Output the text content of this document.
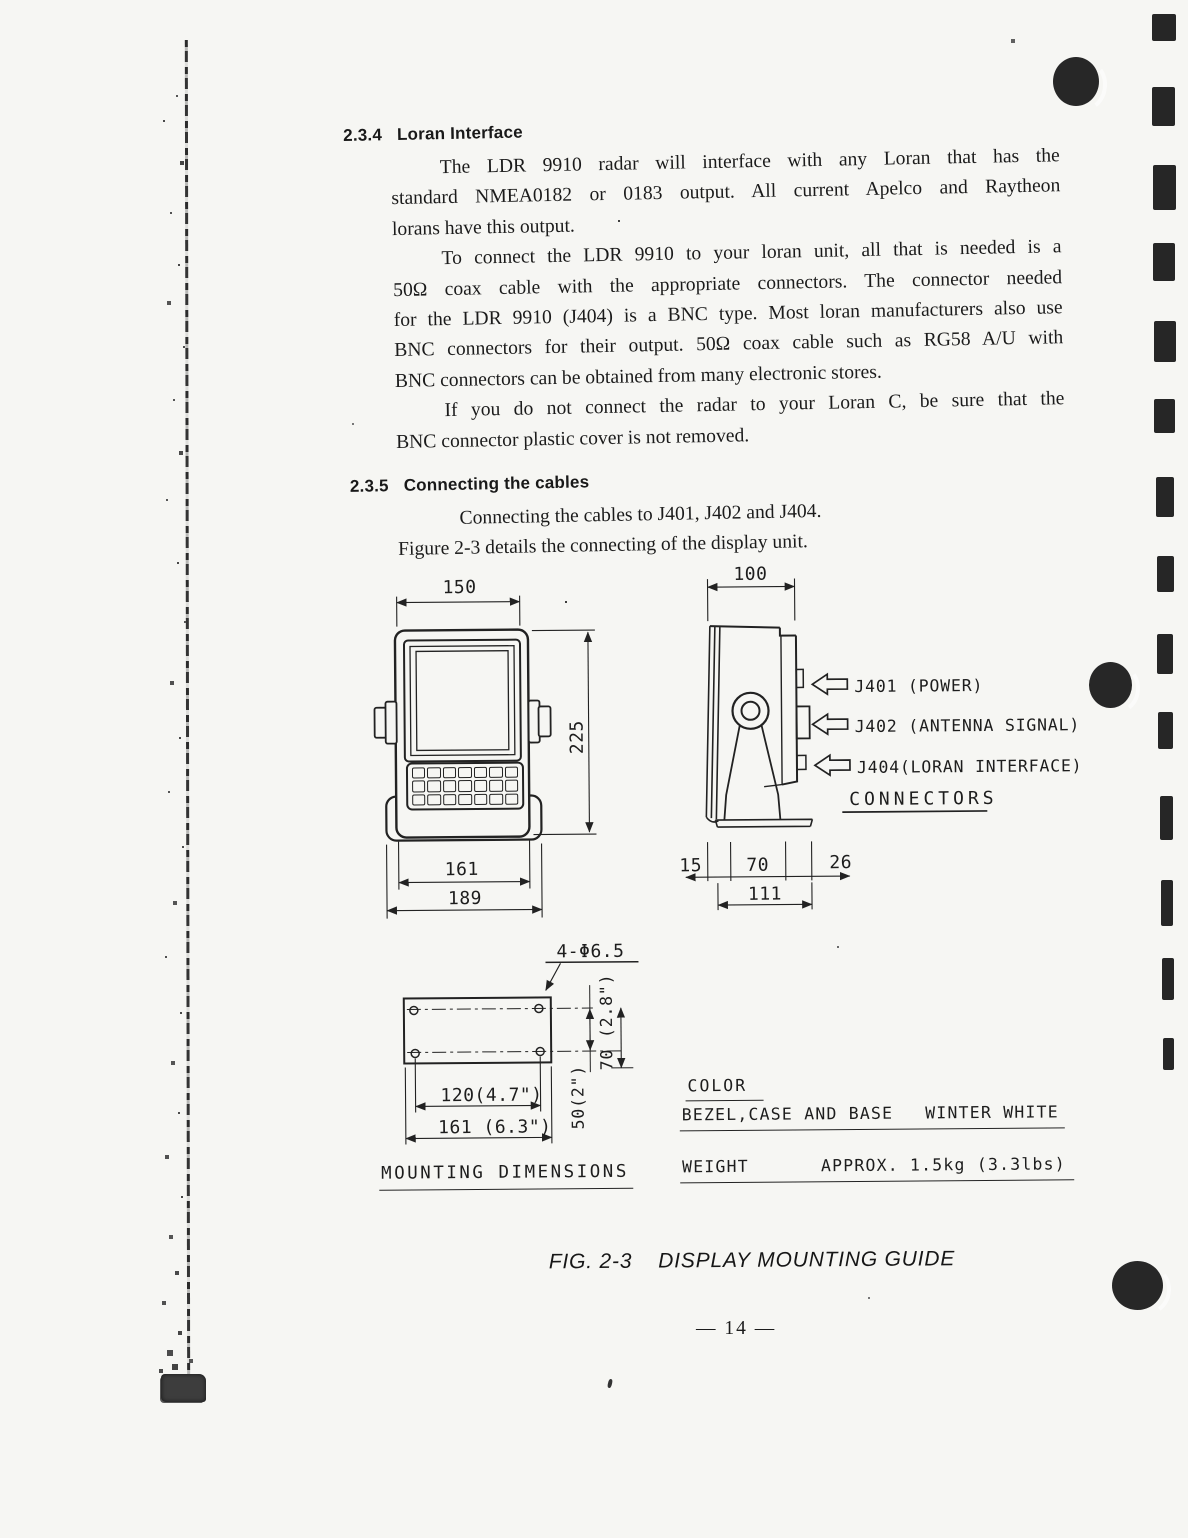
2.3.4 Loran Interface
The LDR 9910 radar will interface with any Loran that has the
standard NMEA0182 or 0183 output. All current Apelco and Raytheon
lorans have this output.
To connect the LDR 9910 to your loran unit, all that is needed is a
50Ω coax cable with the appropriate connectors. The connector needed
for the LDR 9910 (J404) is a BNC type. Most loran manufacturers also use
BNC connectors for their output. 50Ω coax cable such as RG58 A/U with
BNC connectors can be obtained from many electronic stores.
If you do not connect the radar to your Loran C, be sure that the
BNC connector plastic cover is not removed.
2.3.5 Connecting the cables
Connecting the cables to J401, J402 and J404.
Figure 2-3 details the connecting of the display unit.
150
225
161
189
J401 (POWER)
J402 (ANTENNA SIGNAL)
J404(LORAN INTERFACE)
CONNECTORS
15 70	26
111
100
4-Φ6.5
70 (2.8")
50(2")
120(4.7")
161 (6.3")
MOUNTING DIMENSIONS
COLOR
BEZEL,CASE AND BASE WINTER WHITE
WEIGHT	APPROX. 1.5kg (3.3lbs)
FIG. 2-3 DISPLAY MOUNTING GUIDE
— 14 —
